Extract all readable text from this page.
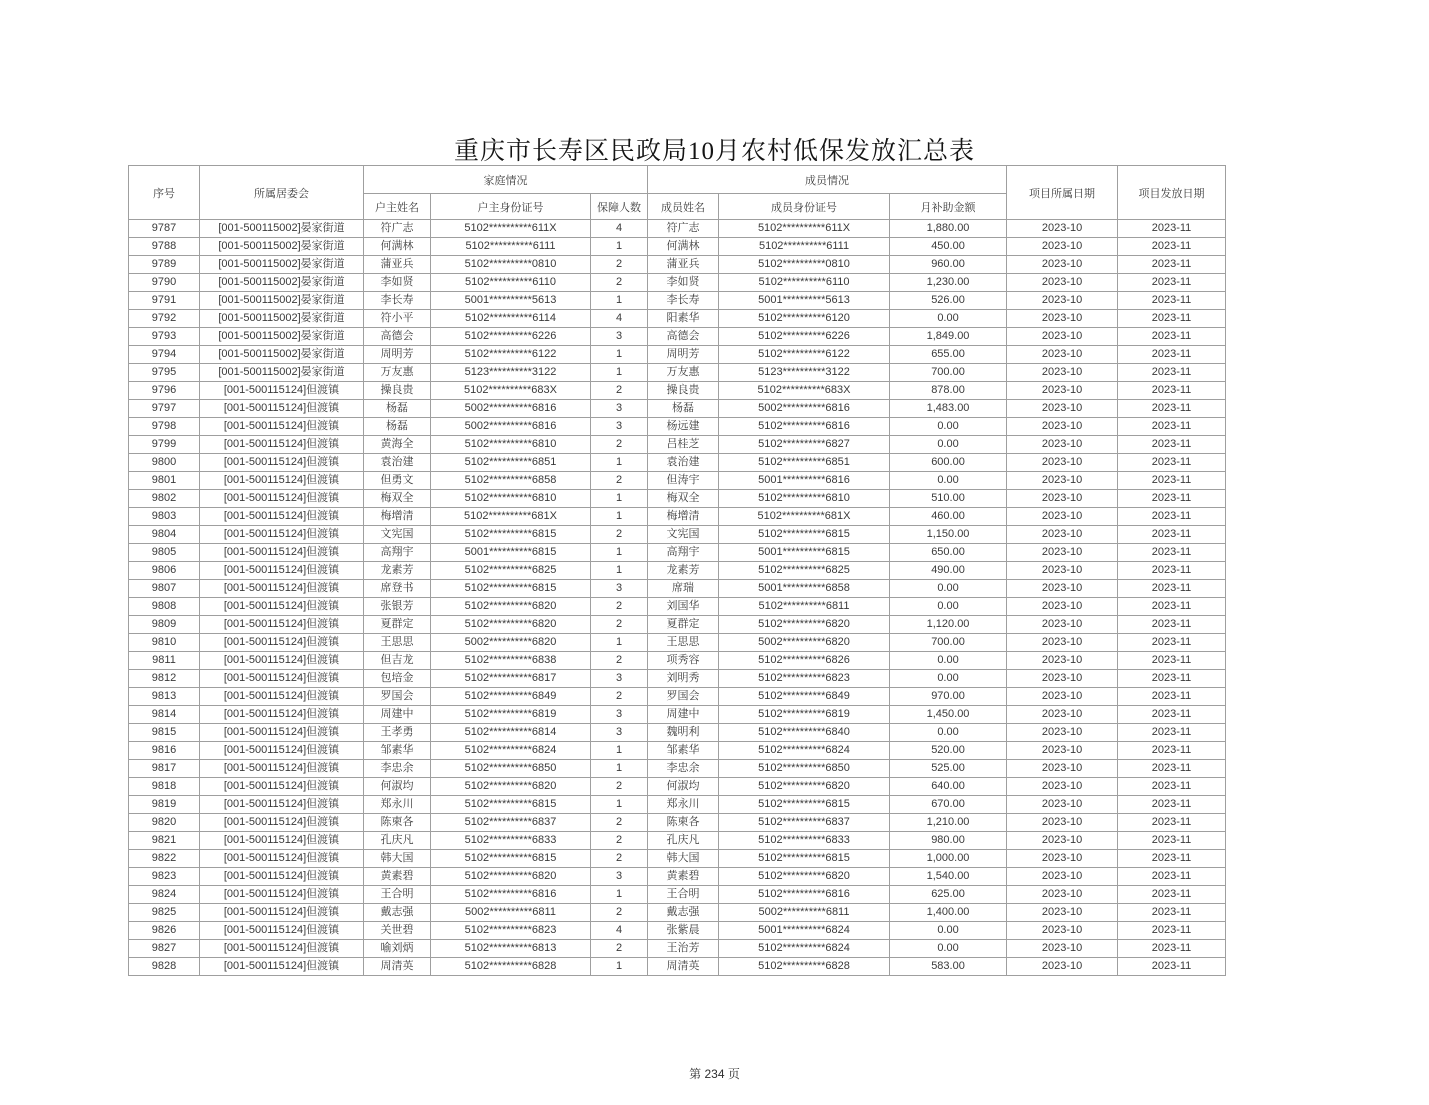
重庆市长寿区民政局10月农村低保发放汇总表
序号	所属居委会	家庭情况			成员情况			项目所属日期	项目发放日期
		户主姓名	户主身份证号	保障人数	成员姓名	成员身份证号	月补助金额		
9787	[001-500115002]晏家街道	符广志	5102**********611X	4	符广志	5102**********611X	1,880.00	2023-10	2023-11
9788	[001-500115002]晏家街道	何满林	5102**********6111	1	何满林	5102**********6111	450.00	2023-10	2023-11
9789	[001-500115002]晏家街道	蒲亚兵	5102**********0810	2	蒲亚兵	5102**********0810	960.00	2023-10	2023-11
9790	[001-500115002]晏家街道	李如贤	5102**********6110	2	李如贤	5102**********6110	1,230.00	2023-10	2023-11
9791	[001-500115002]晏家街道	李长寿	5001**********5613	1	李长寿	5001**********5613	526.00	2023-10	2023-11
9792	[001-500115002]晏家街道	符小平	5102**********6114	4	阳素华	5102**********6120	0.00	2023-10	2023-11
9793	[001-500115002]晏家街道	高德会	5102**********6226	3	高德会	5102**********6226	1,849.00	2023-10	2023-11
9794	[001-500115002]晏家街道	周明芳	5102**********6122	1	周明芳	5102**********6122	655.00	2023-10	2023-11
9795	[001-500115002]晏家街道	万友惠	5123**********3122	1	万友惠	5123**********3122	700.00	2023-10	2023-11
9796	[001-500115124]但渡镇	操良贵	5102**********683X	2	操良贵	5102**********683X	878.00	2023-10	2023-11
9797	[001-500115124]但渡镇	杨磊	5002**********6816	3	杨磊	5002**********6816	1,483.00	2023-10	2023-11
9798	[001-500115124]但渡镇	杨磊	5002**********6816	3	杨远建	5102**********6816	0.00	2023-10	2023-11
9799	[001-500115124]但渡镇	黄海全	5102**********6810	2	吕桂芝	5102**********6827	0.00	2023-10	2023-11
9800	[001-500115124]但渡镇	袁治建	5102**********6851	1	袁治建	5102**********6851	600.00	2023-10	2023-11
9801	[001-500115124]但渡镇	但勇文	5102**********6858	2	但涛宇	5001**********6816	0.00	2023-10	2023-11
9802	[001-500115124]但渡镇	梅双全	5102**********6810	1	梅双全	5102**********6810	510.00	2023-10	2023-11
9803	[001-500115124]但渡镇	梅增清	5102**********681X	1	梅增清	5102**********681X	460.00	2023-10	2023-11
9804	[001-500115124]但渡镇	文宪国	5102**********6815	2	文宪国	5102**********6815	1,150.00	2023-10	2023-11
9805	[001-500115124]但渡镇	高翔宇	5001**********6815	1	高翔宇	5001**********6815	650.00	2023-10	2023-11
9806	[001-500115124]但渡镇	龙素芳	5102**********6825	1	龙素芳	5102**********6825	490.00	2023-10	2023-11
9807	[001-500115124]但渡镇	席登书	5102**********6815	3	席瑞	5001**********6858	0.00	2023-10	2023-11
9808	[001-500115124]但渡镇	张银芳	5102**********6820	2	刘国华	5102**********6811	0.00	2023-10	2023-11
9809	[001-500115124]但渡镇	夏群定	5102**********6820	2	夏群定	5102**********6820	1,120.00	2023-10	2023-11
9810	[001-500115124]但渡镇	王思思	5002**********6820	1	王思思	5002**********6820	700.00	2023-10	2023-11
9811	[001-500115124]但渡镇	但吉龙	5102**********6838	2	项秀容	5102**********6826	0.00	2023-10	2023-11
9812	[001-500115124]但渡镇	包培金	5102**********6817	3	刘明秀	5102**********6823	0.00	2023-10	2023-11
9813	[001-500115124]但渡镇	罗国会	5102**********6849	2	罗国会	5102**********6849	970.00	2023-10	2023-11
9814	[001-500115124]但渡镇	周建中	5102**********6819	3	周建中	5102**********6819	1,450.00	2023-10	2023-11
9815	[001-500115124]但渡镇	王孝勇	5102**********6814	3	魏明利	5102**********6840	0.00	2023-10	2023-11
9816	[001-500115124]但渡镇	邹素华	5102**********6824	1	邹素华	5102**********6824	520.00	2023-10	2023-11
9817	[001-500115124]但渡镇	李忠余	5102**********6850	1	李忠余	5102**********6850	525.00	2023-10	2023-11
9818	[001-500115124]但渡镇	何淑均	5102**********6820	2	何淑均	5102**********6820	640.00	2023-10	2023-11
9819	[001-500115124]但渡镇	郑永川	5102**********6815	1	郑永川	5102**********6815	670.00	2023-10	2023-11
9820	[001-500115124]但渡镇	陈柬各	5102**********6837	2	陈柬各	5102**********6837	1,210.00	2023-10	2023-11
9821	[001-500115124]但渡镇	孔庆凡	5102**********6833	2	孔庆凡	5102**********6833	980.00	2023-10	2023-11
9822	[001-500115124]但渡镇	韩大国	5102**********6815	2	韩大国	5102**********6815	1,000.00	2023-10	2023-11
9823	[001-500115124]但渡镇	黄素碧	5102**********6820	3	黄素碧	5102**********6820	1,540.00	2023-10	2023-11
9824	[001-500115124]但渡镇	王合明	5102**********6816	1	王合明	5102**********6816	625.00	2023-10	2023-11
9825	[001-500115124]但渡镇	戴志强	5002**********6811	2	戴志强	5002**********6811	1,400.00	2023-10	2023-11
9826	[001-500115124]但渡镇	关世碧	5102**********6823	4	张紫晨	5001**********6824	0.00	2023-10	2023-11
9827	[001-500115124]但渡镇	喻刘炳	5102**********6813	2	王治芳	5102**********6824	0.00	2023-10	2023-11
9828	[001-500115124]但渡镇	周清英	5102**********6828	1	周清英	5102**********6828	583.00	2023-10	2023-11
第 234 页
